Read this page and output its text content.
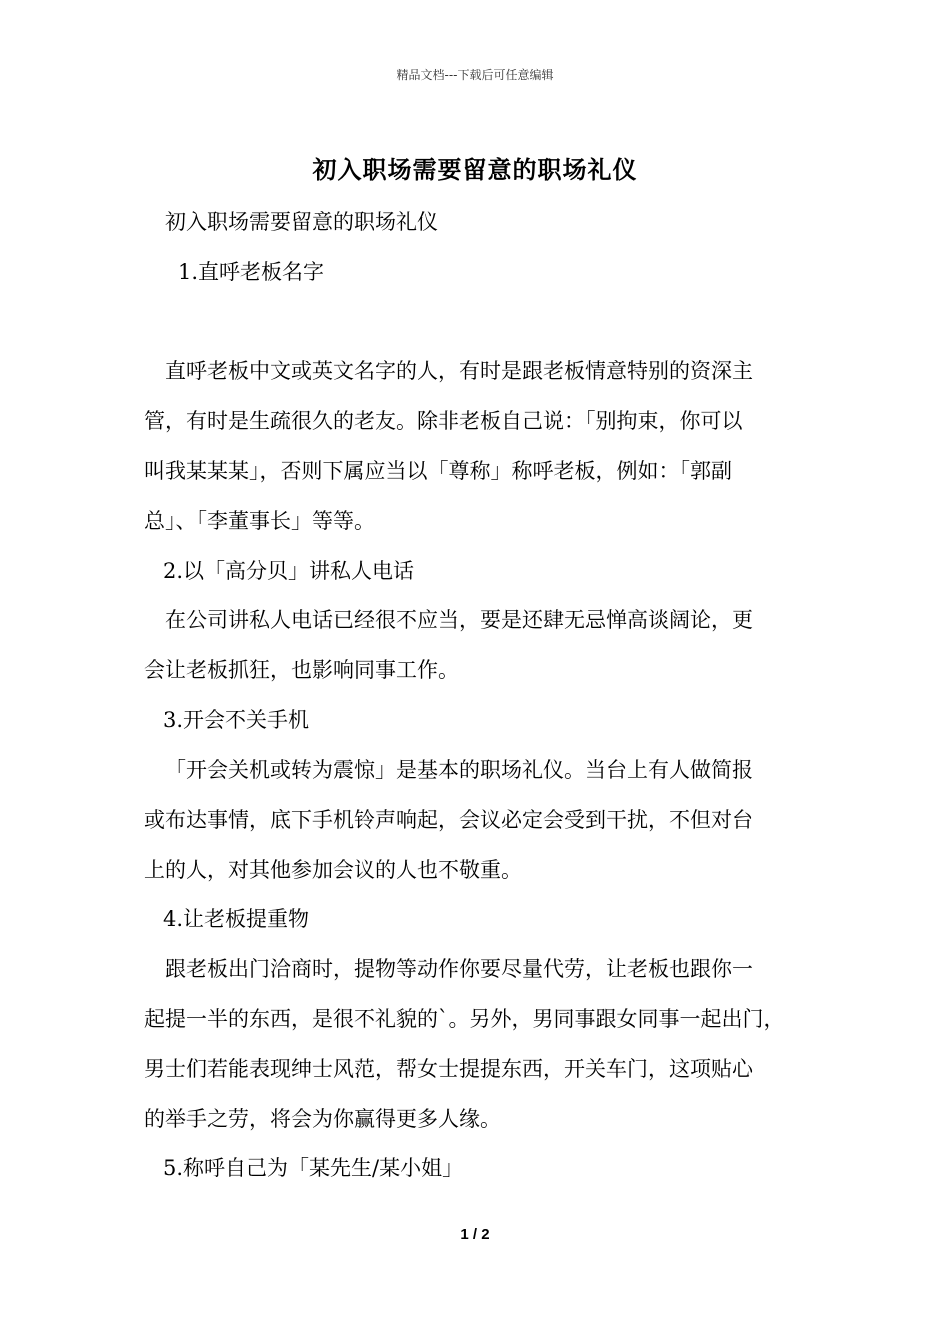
精品文档---下载后可任意编辑
初入职场需要留意的职场礼仪
初入职场需要留意的职场礼仪
1.直呼老板名字
直呼老板中文或英文名字的人，有时是跟老板情意特别的资深主
管，有时是生疏很久的老友。除非老板自己说：「别拘束，你可以
叫我某某某」，否则下属应当以「尊称」称呼老板，例如：「郭副
总」、「李董事长」等等。
2.以「高分贝」讲私人电话
在公司讲私人电话已经很不应当，要是还肆无忌惮高谈阔论，更
会让老板抓狂，也影响同事工作。
3.开会不关手机
「开会关机或转为震惊」是基本的职场礼仪。当台上有人做简报
或布达事情，底下手机铃声响起，会议必定会受到干扰，不但对台
上的人，对其他参加会议的人也不敬重。
4.让老板提重物
跟老板出门洽商时，提物等动作你要尽量代劳，让老板也跟你一
起提一半的东西，是很不礼貌的`。另外，男同事跟女同事一起出门，
男士们若能表现绅士风范，帮女士提提东西，开关车门，这项贴心
的举手之劳，将会为你赢得更多人缘。
5.称呼自己为「某先生/某小姐」
1 / 2
